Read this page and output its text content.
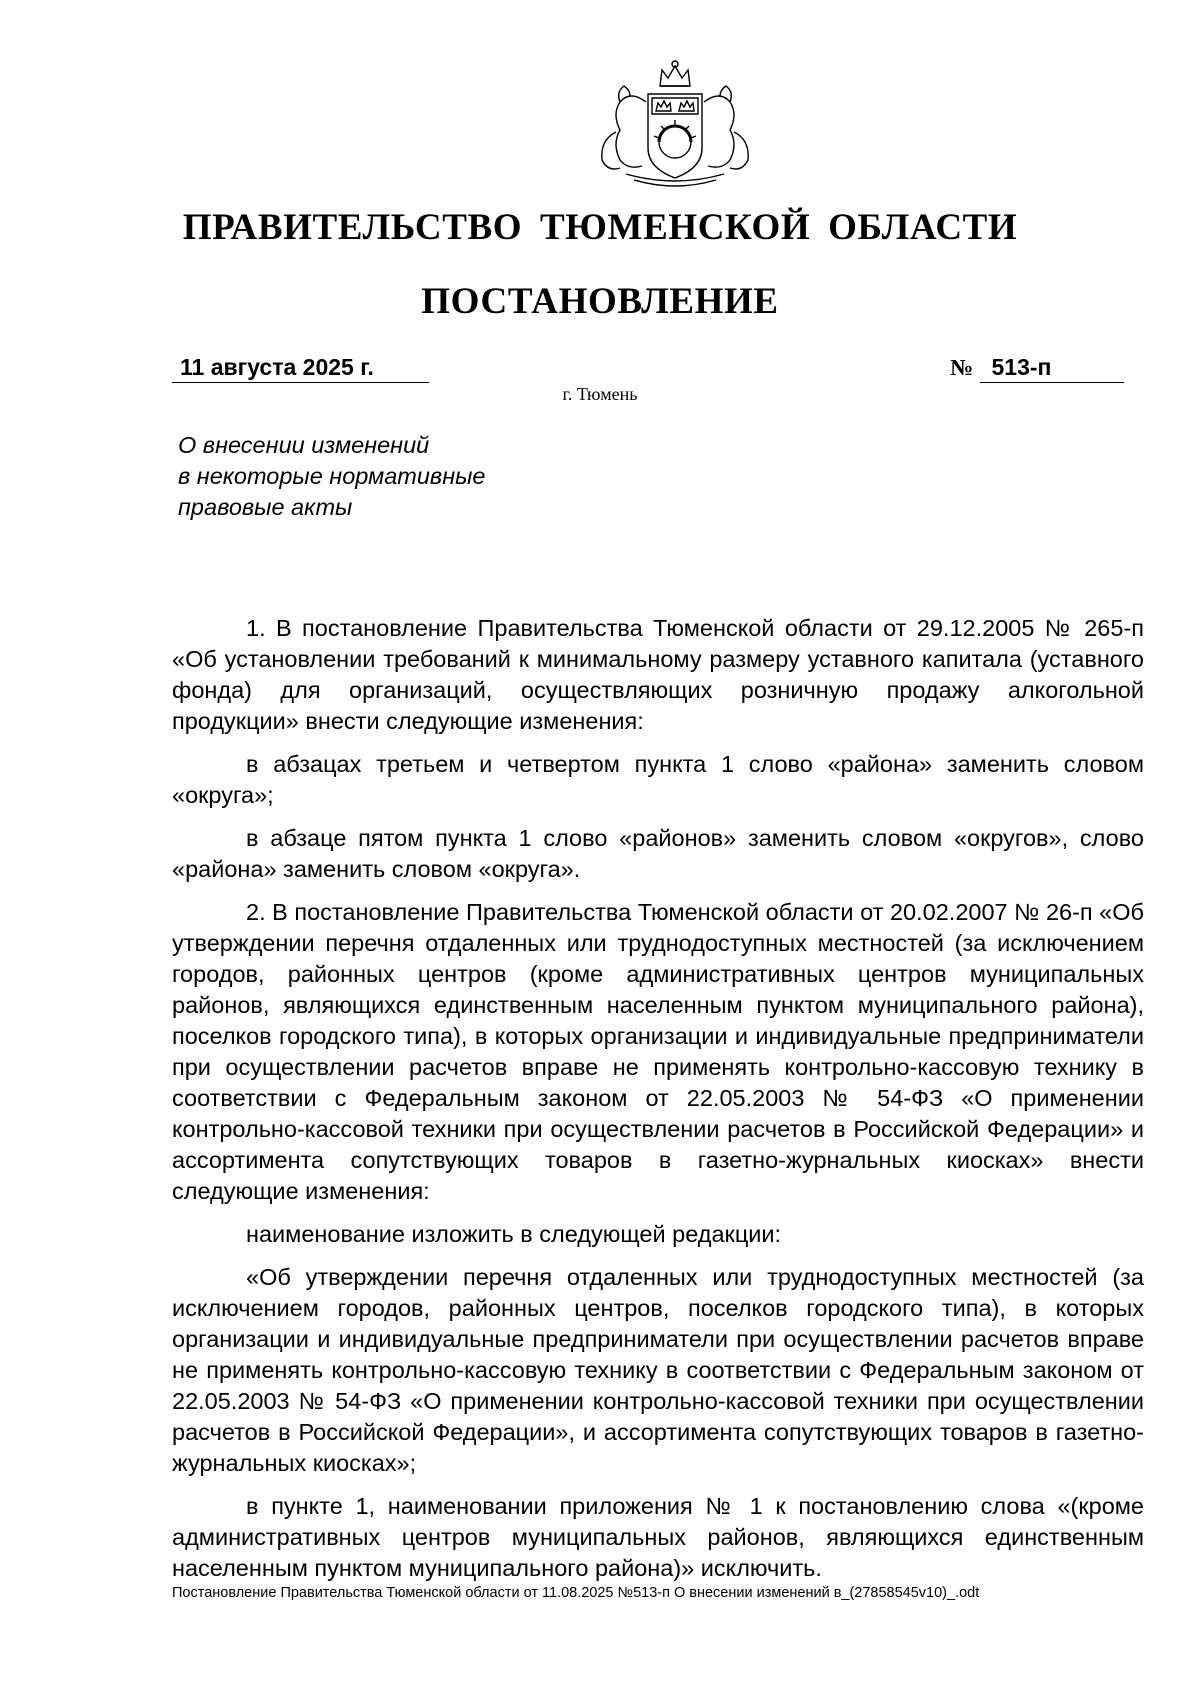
ПРАВИТЕЛЬСТВО ТЮМЕНСКОЙ ОБЛАСТИ
ПОСТАНОВЛЕНИЕ
11 августа 2025 г.	№ 513-п
г. Тюмень
О внесении изменений
в некоторые нормативные
правовые акты

1. В постановление Правительства Тюменской области от 29.12.2005 № 265-п «Об установлении требований к минимальному размеру уставного капитала (уставного фонда) для организаций, осуществляющих розничную продажу алкогольной продукции» внести следующие изменения:

в абзацах третьем и четвертом пункта 1 слово «района» заменить словом «округа»;

в абзаце пятом пункта 1 слово «районов» заменить словом «округов», слово «района» заменить словом «округа».

2. В постановление Правительства Тюменской области от 20.02.2007 № 26-п «Об утверждении перечня отдаленных или труднодоступных местностей (за исключением городов, районных центров (кроме административных центров муниципальных районов, являющихся единственным населенным пунктом муниципального района), поселков городского типа), в которых организации и индивидуальные предприниматели при осуществлении расчетов вправе не применять контрольно-кассовую технику в соответствии с Федеральным законом от 22.05.2003 № 54-ФЗ «О применении контрольно-кассовой техники при осуществлении расчетов в Российской Федерации» и ассортимента сопутствующих товаров в газетно-журнальных киосках» внести следующие изменения:

наименование изложить в следующей редакции:

«Об утверждении перечня отдаленных или труднодоступных местностей (за исключением городов, районных центров, поселков городского типа), в которых организации и индивидуальные предприниматели при осуществлении расчетов вправе не применять контрольно-кассовую технику в соответствии с Федеральным законом от 22.05.2003 № 54-ФЗ «О применении контрольно-кассовой техники при осуществлении расчетов в Российской Федерации», и ассортимента сопутствующих товаров в газетно-журнальных киосках»;

в пункте 1, наименовании приложения № 1 к постановлению слова «(кроме административных центров муниципальных районов, являющихся единственным населенным пунктом муниципального района)» исключить.

Постановление Правительства Тюменской области от 11.08.2025 №513-п О внесении изменений в_(27858545v10)_.odt
